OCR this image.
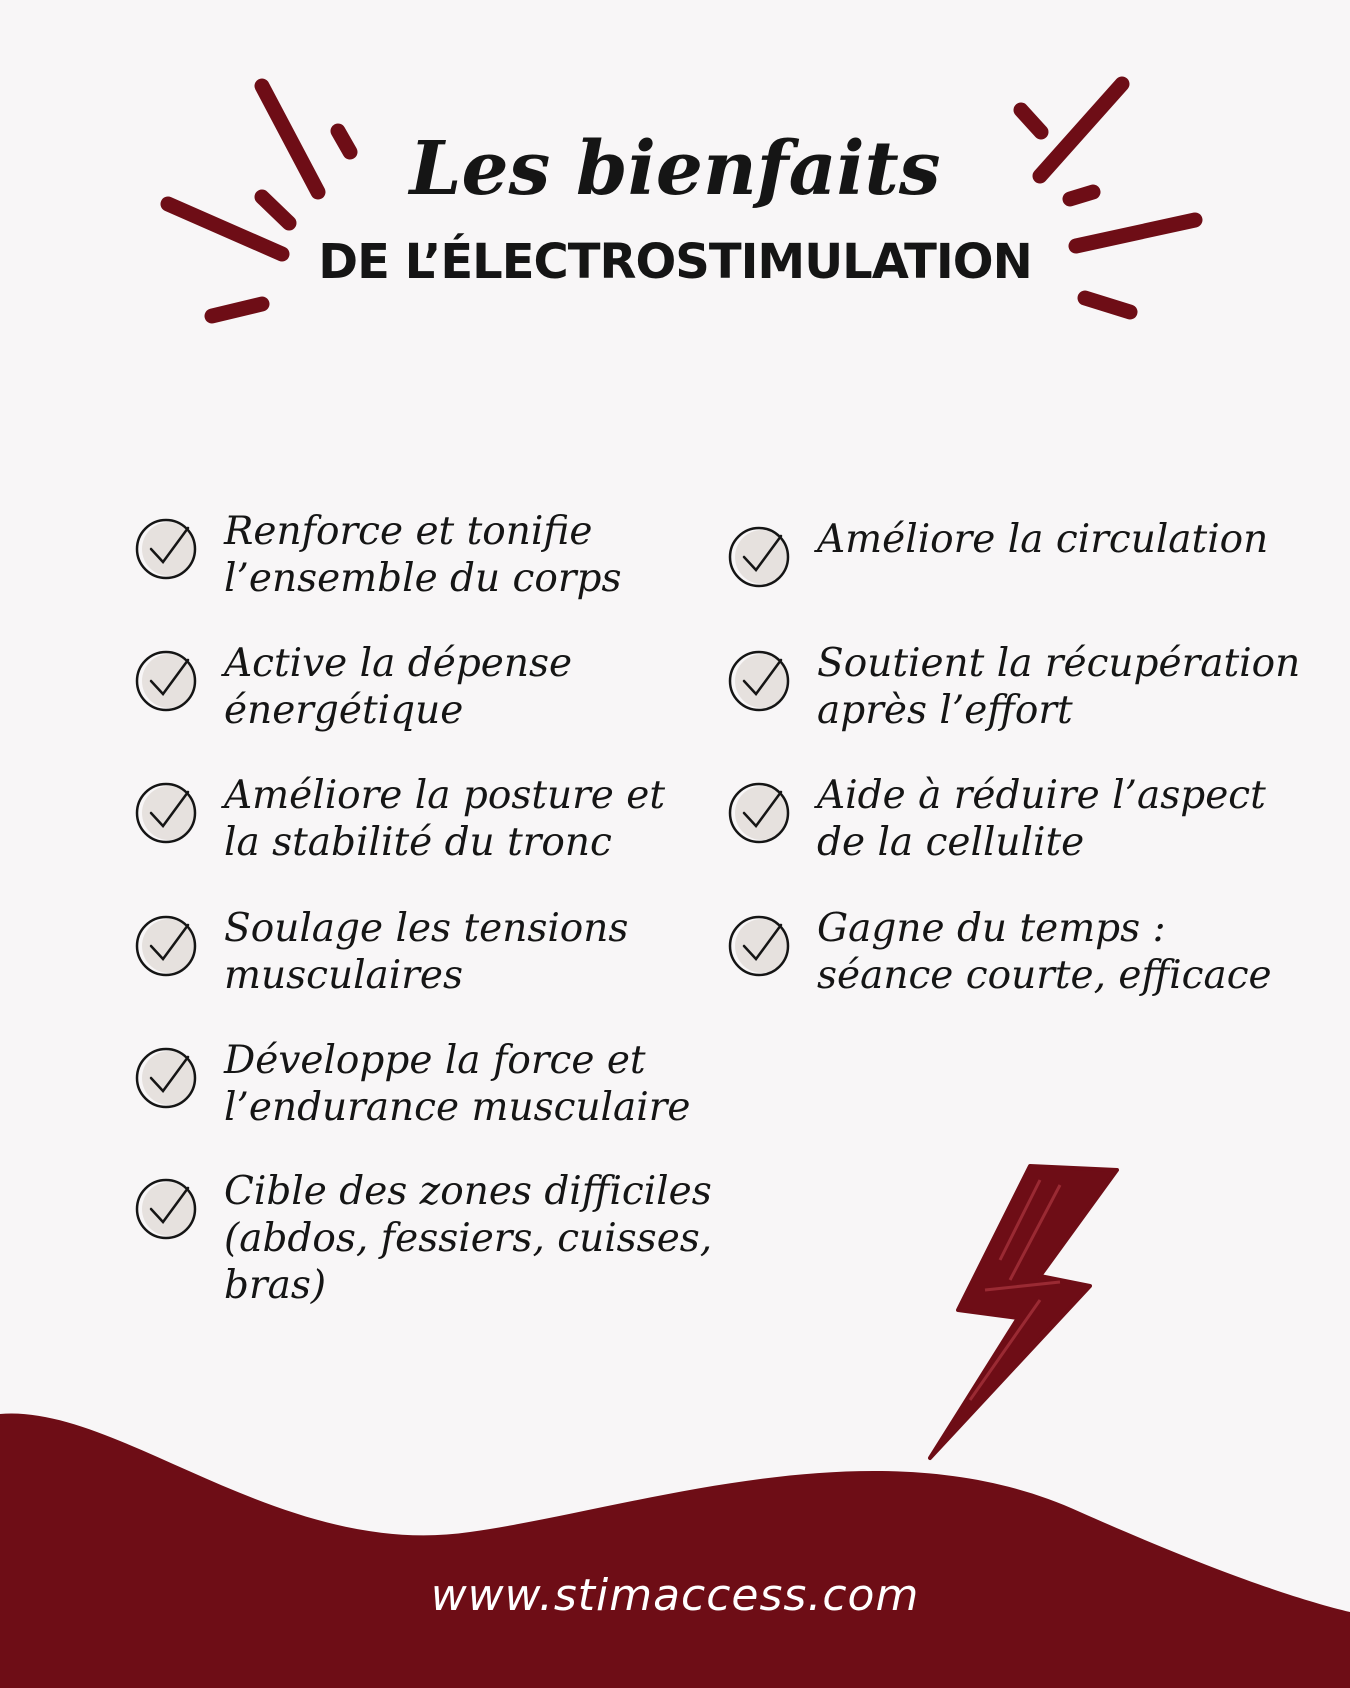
Les bienfaits
DE L’ÉLECTROSTIMULATION
Renforce et tonifie
l’ensemble du corps
Active la dépense
énergétique
Améliore la posture et
la stabilité du tronc
Soulage les tensions
musculaires
Développe la force et
l’endurance musculaire
Cible des zones difficiles
(abdos, fessiers, cuisses,
bras)
Améliore la circulation
Soutient la récupération
après l’effort
Aide à réduire l’aspect
de la cellulite
Gagne du temps :
séance courte, efficace
www.stimaccess.com
